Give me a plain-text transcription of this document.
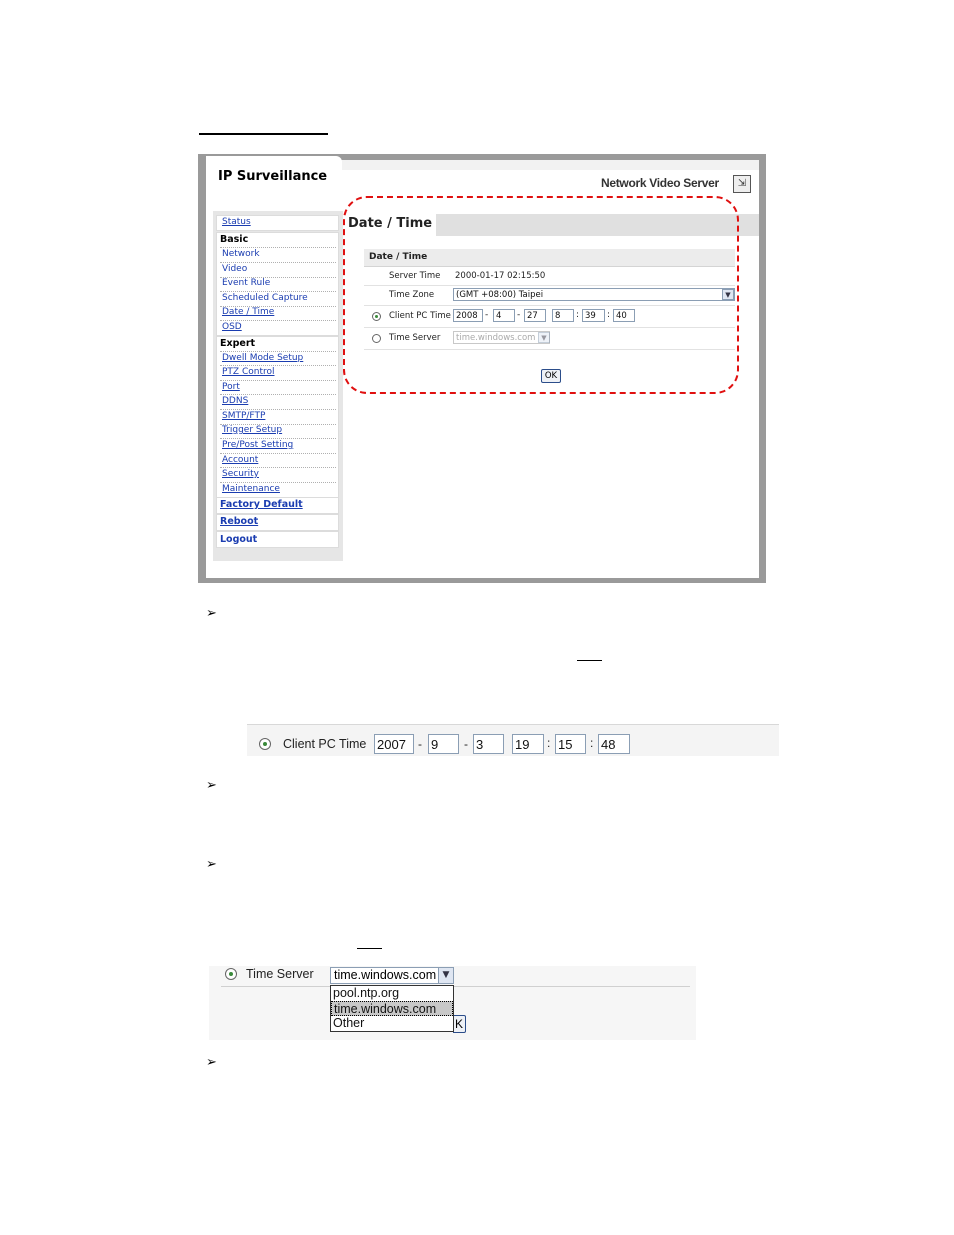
IP Surveillance	Network Video Server	⇲
Status
Basic
Network
Video
Event Rule
Scheduled Capture
Date / Time
OSD
Expert
Dwell Mode Setup
PTZ Control
Port
DDNS
SMTP/FTP
Trigger Setup
Pre/Post Setting
Account
Security
Maintenance
Factory Default
Reboot
Logout
Date / Time
Date / Time
Server Time 2000-01-17 02:15:50
Time Zone	(GMT +08:00) Taipei	▼
Client PC Time 2008 - 4	- 27	8	: 39	: 40
Time Server	time.windows.com ▼
OK
➢
Client PC Time 2007	- 9	- 3	19	: 15	: 48
➢
➢
Time Server	time.windows.com ▼
K
pool.ntp.org
time.windows.com
Other
➢
